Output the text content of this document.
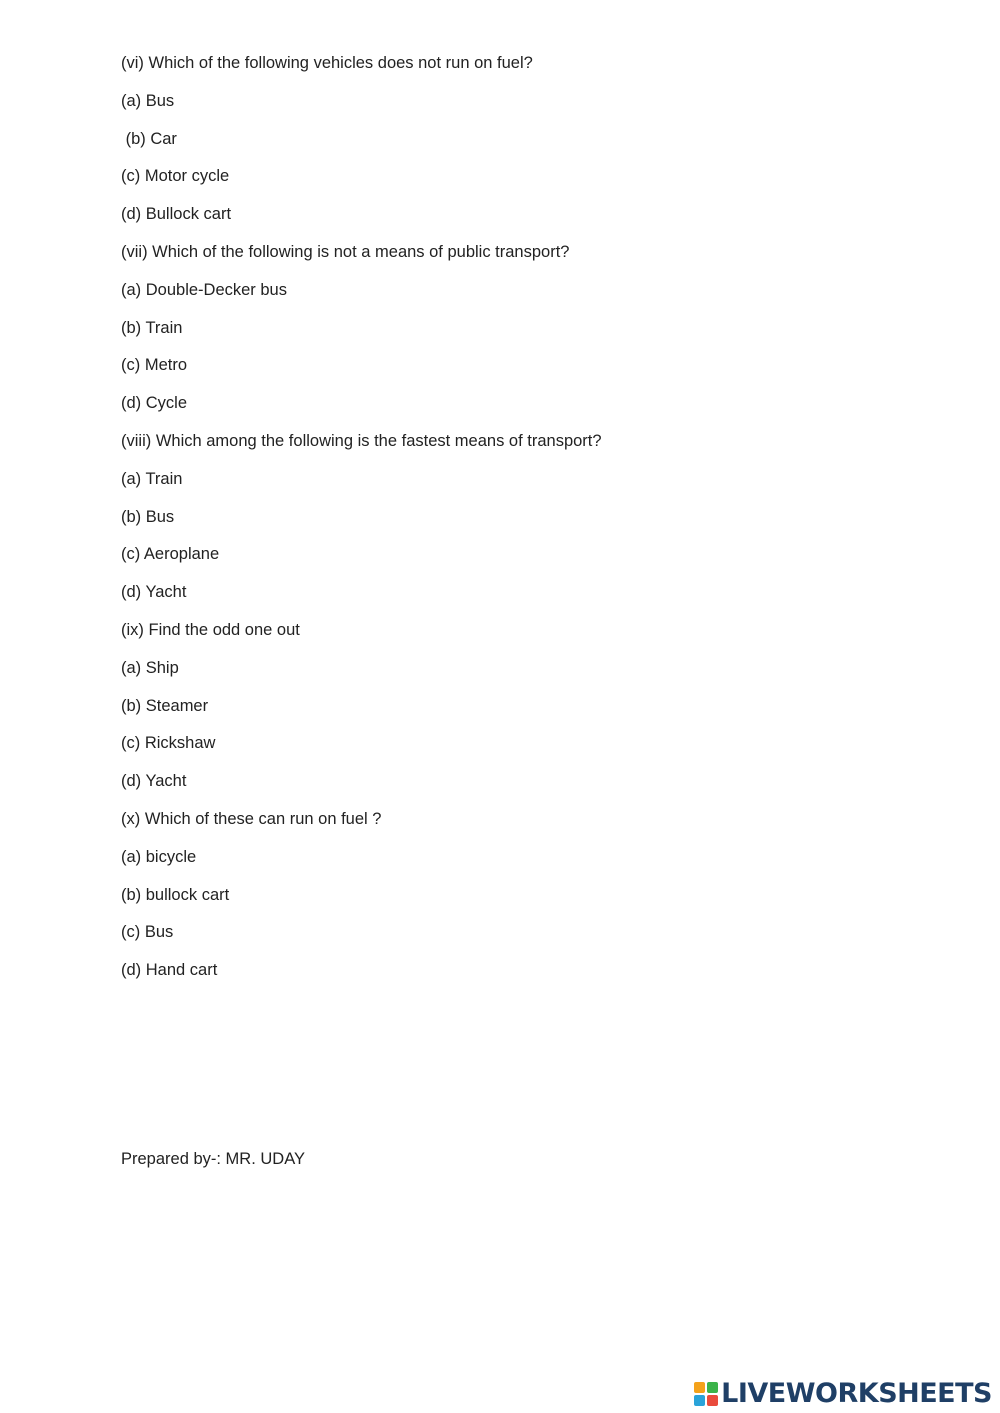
(vi) Which of the following vehicles does not run on fuel?
(a) Bus
(b) Car
(c) Motor cycle
(d) Bullock cart
(vii) Which of the following is not a means of public transport?
(a) Double-Decker bus
(b) Train
(c) Metro
(d) Cycle
(viii) Which among the following is the fastest means of transport?
(a) Train
(b) Bus
(c) Aeroplane
(d) Yacht
(ix) Find the odd one out
(a) Ship
(b) Steamer
(c) Rickshaw
(d) Yacht
(x) Which of these can run on fuel ?
(a) bicycle
(b) bullock cart
(c) Bus
(d) Hand cart
Prepared by-: MR. UDAY
LIVEWORKSHEETS
